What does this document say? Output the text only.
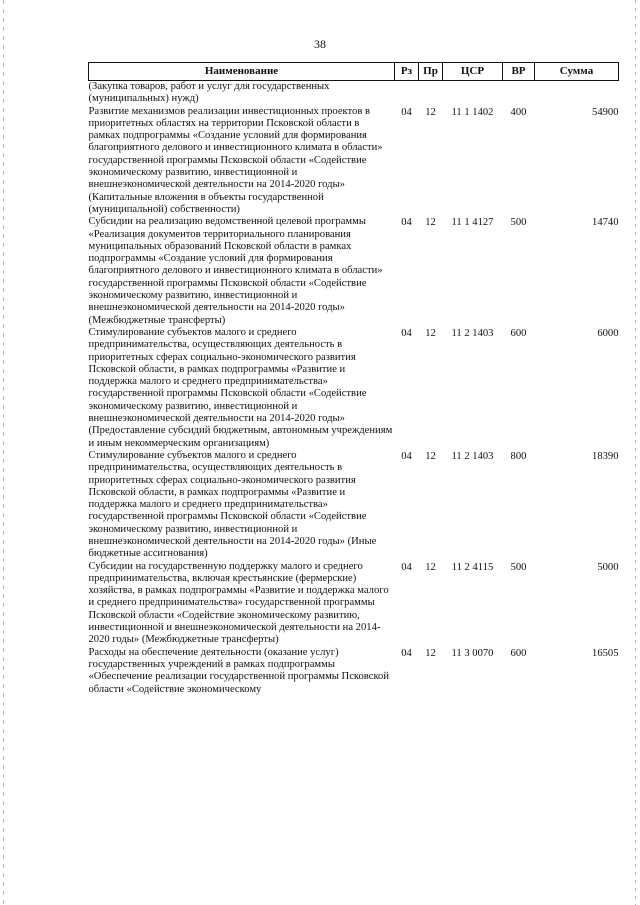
38
Наименование	Рз	Пр	ЦСР	ВР	Сумма
(Закупка товаров, работ и услуг для государственных (муниципальных) нужд)					
Развитие механизмов реализации инвестиционных проектов в приоритетных областях на территории Псковской области в рамках подпрограммы «Создание условий для формирования благоприятного делового и инвестиционного климата в области» государственной программы Псковской области «Содействие экономическому развитию, инвестиционной и внешнеэкономической деятельности на 2014-2020 годы» (Капитальные вложения в объекты государственной (муниципальной) собственности)	04	12	11 1 1402	400	54900
Субсидии на реализацию ведомственной целевой программы «Реализация документов территориального планирования муниципальных образований Псковской области в рамках подпрограммы «Создание условий для формирования благоприятного делового и инвестиционного климата в области» государственной программы Псковской области «Содействие экономическому развитию, инвестиционной и внешнеэкономической деятельности на 2014-2020 годы» (Межбюджетные трансферты)	04	12	11 1 4127	500	14740
Стимулирование субъектов малого и среднего предпринимательства, осуществляющих деятельность в приоритетных сферах социально-экономического развития Псковской области, в рамках подпрограммы «Развитие и поддержка малого и среднего предпринимательства» государственной программы Псковской области «Содействие экономическому развитию, инвестиционной и внешнеэкономической деятельности на 2014-2020 годы» (Предоставление субсидий бюджетным, автономным учреждениям и иным некоммерческим организациям)	04	12	11 2 1403	600	6000
Стимулирование субъектов малого и среднего предпринимательства, осуществляющих деятельность в приоритетных сферах социально-экономического развития Псковской области, в рамках подпрограммы «Развитие и поддержка малого и среднего предпринимательства» государственной программы Псковской области «Содействие экономическому развитию, инвестиционной и внешнеэкономической деятельности на 2014-2020 годы» (Иные бюджетные ассигнования)	04	12	11 2 1403	800	18390
Субсидии на государственную поддержку малого и среднего предпринимательства, включая крестьянские (фермерские) хозяйства, в рамках подпрограммы «Развитие и поддержка малого и среднего предпринимательства» государственной программы Псковской области «Содействие экономическому развитию, инвестиционной и внешнеэкономической деятельности на 2014-2020 годы» (Межбюджетные трансферты)	04	12	11 2 4115	500	5000
Расходы на обеспечение деятельности (оказание услуг) государственных учреждений в рамках подпрограммы «Обеспечение реализации государственной программы Псковской области «Содействие экономическому	04	12	11 3 0070	600	16505
